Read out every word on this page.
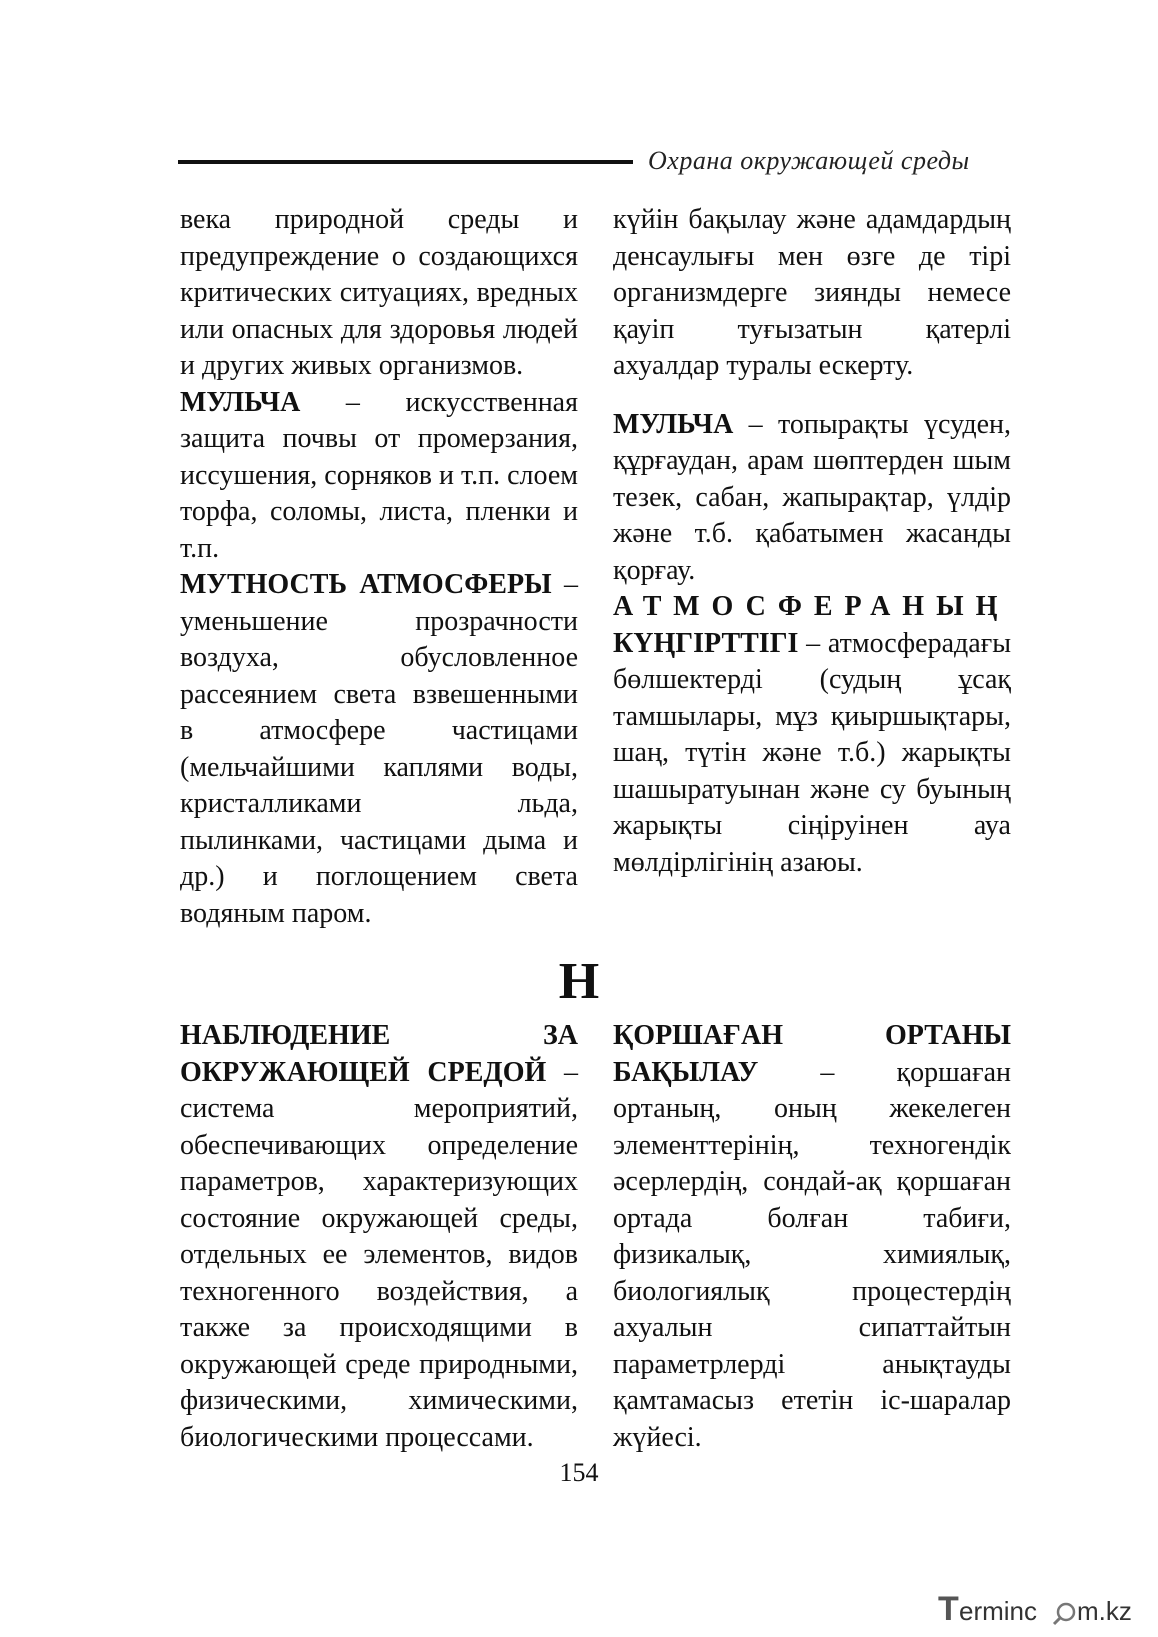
Охрана окружающей среды

века природной среды и предупреждение о создающихся критических ситуациях, вредных или опасных для здоровья людей и других живых организмов.

МУЛЬЧА – искусственная защита почвы от промерзания, иссушения, сорняков и т.п. слоем торфа, соломы, листа, пленки и т.п.

МУТНОСТЬ АТМОСФЕРЫ – уменьшение прозрачности воздуха, обусловленное рассеянием света взвешенными в атмосфере частицами (мельчайшими каплями воды, кристалликами льда, пылинками, частицами дыма и др.) и поглощением света водяным паром.

күйін бақылау және адамдардың денсаулығы мен өзге де тірі организмдерге зиянды немесе қауіп туғызатын қатерлі ахуалдар туралы ескерту.

МУЛЬЧА – топырақты үсуден, құрғаудан, арам шөптерден шым тезек, сабан, жапырақтар, үлдір және т.б. қабатымен жасанды қорғау.

АТМОСФЕРАНЫҢ
КҮҢГІРТТІГІ – атмосферадағы бөлшектерді (судың ұсақ тамшылары, мұз қиыршықтары, шаң, түтін және т.б.) жарықты шашыратуынан және су буының жарықты сіңіруінен ауа мөлдірлігінің азаюы.

Н

НАБЛЮДЕНИЕ ЗА ОКРУЖАЮЩЕЙ СРЕДОЙ – система мероприятий, обеспечивающих определение параметров, характеризующих состояние окружающей среды, отдельных ее элементов, видов техногенного воздействия, а также за происходящими в окружающей среде природными, физическими, химическими, биологическими процессами.

ҚОРШАҒАН ОРТАНЫ БАҚЫЛАУ – қоршаған ортаның, оның жекелеген элементтерінің, техногендік әсерлердің, сондай-ақ қоршаған ортада болған табиғи, физикалық, химиялық, биологиялық процестердің ахуалын сипаттайтын параметрлерді анықтауды қамтамасыз ететін іс-шаралар жүйесі.

154
T erminc m.kz
